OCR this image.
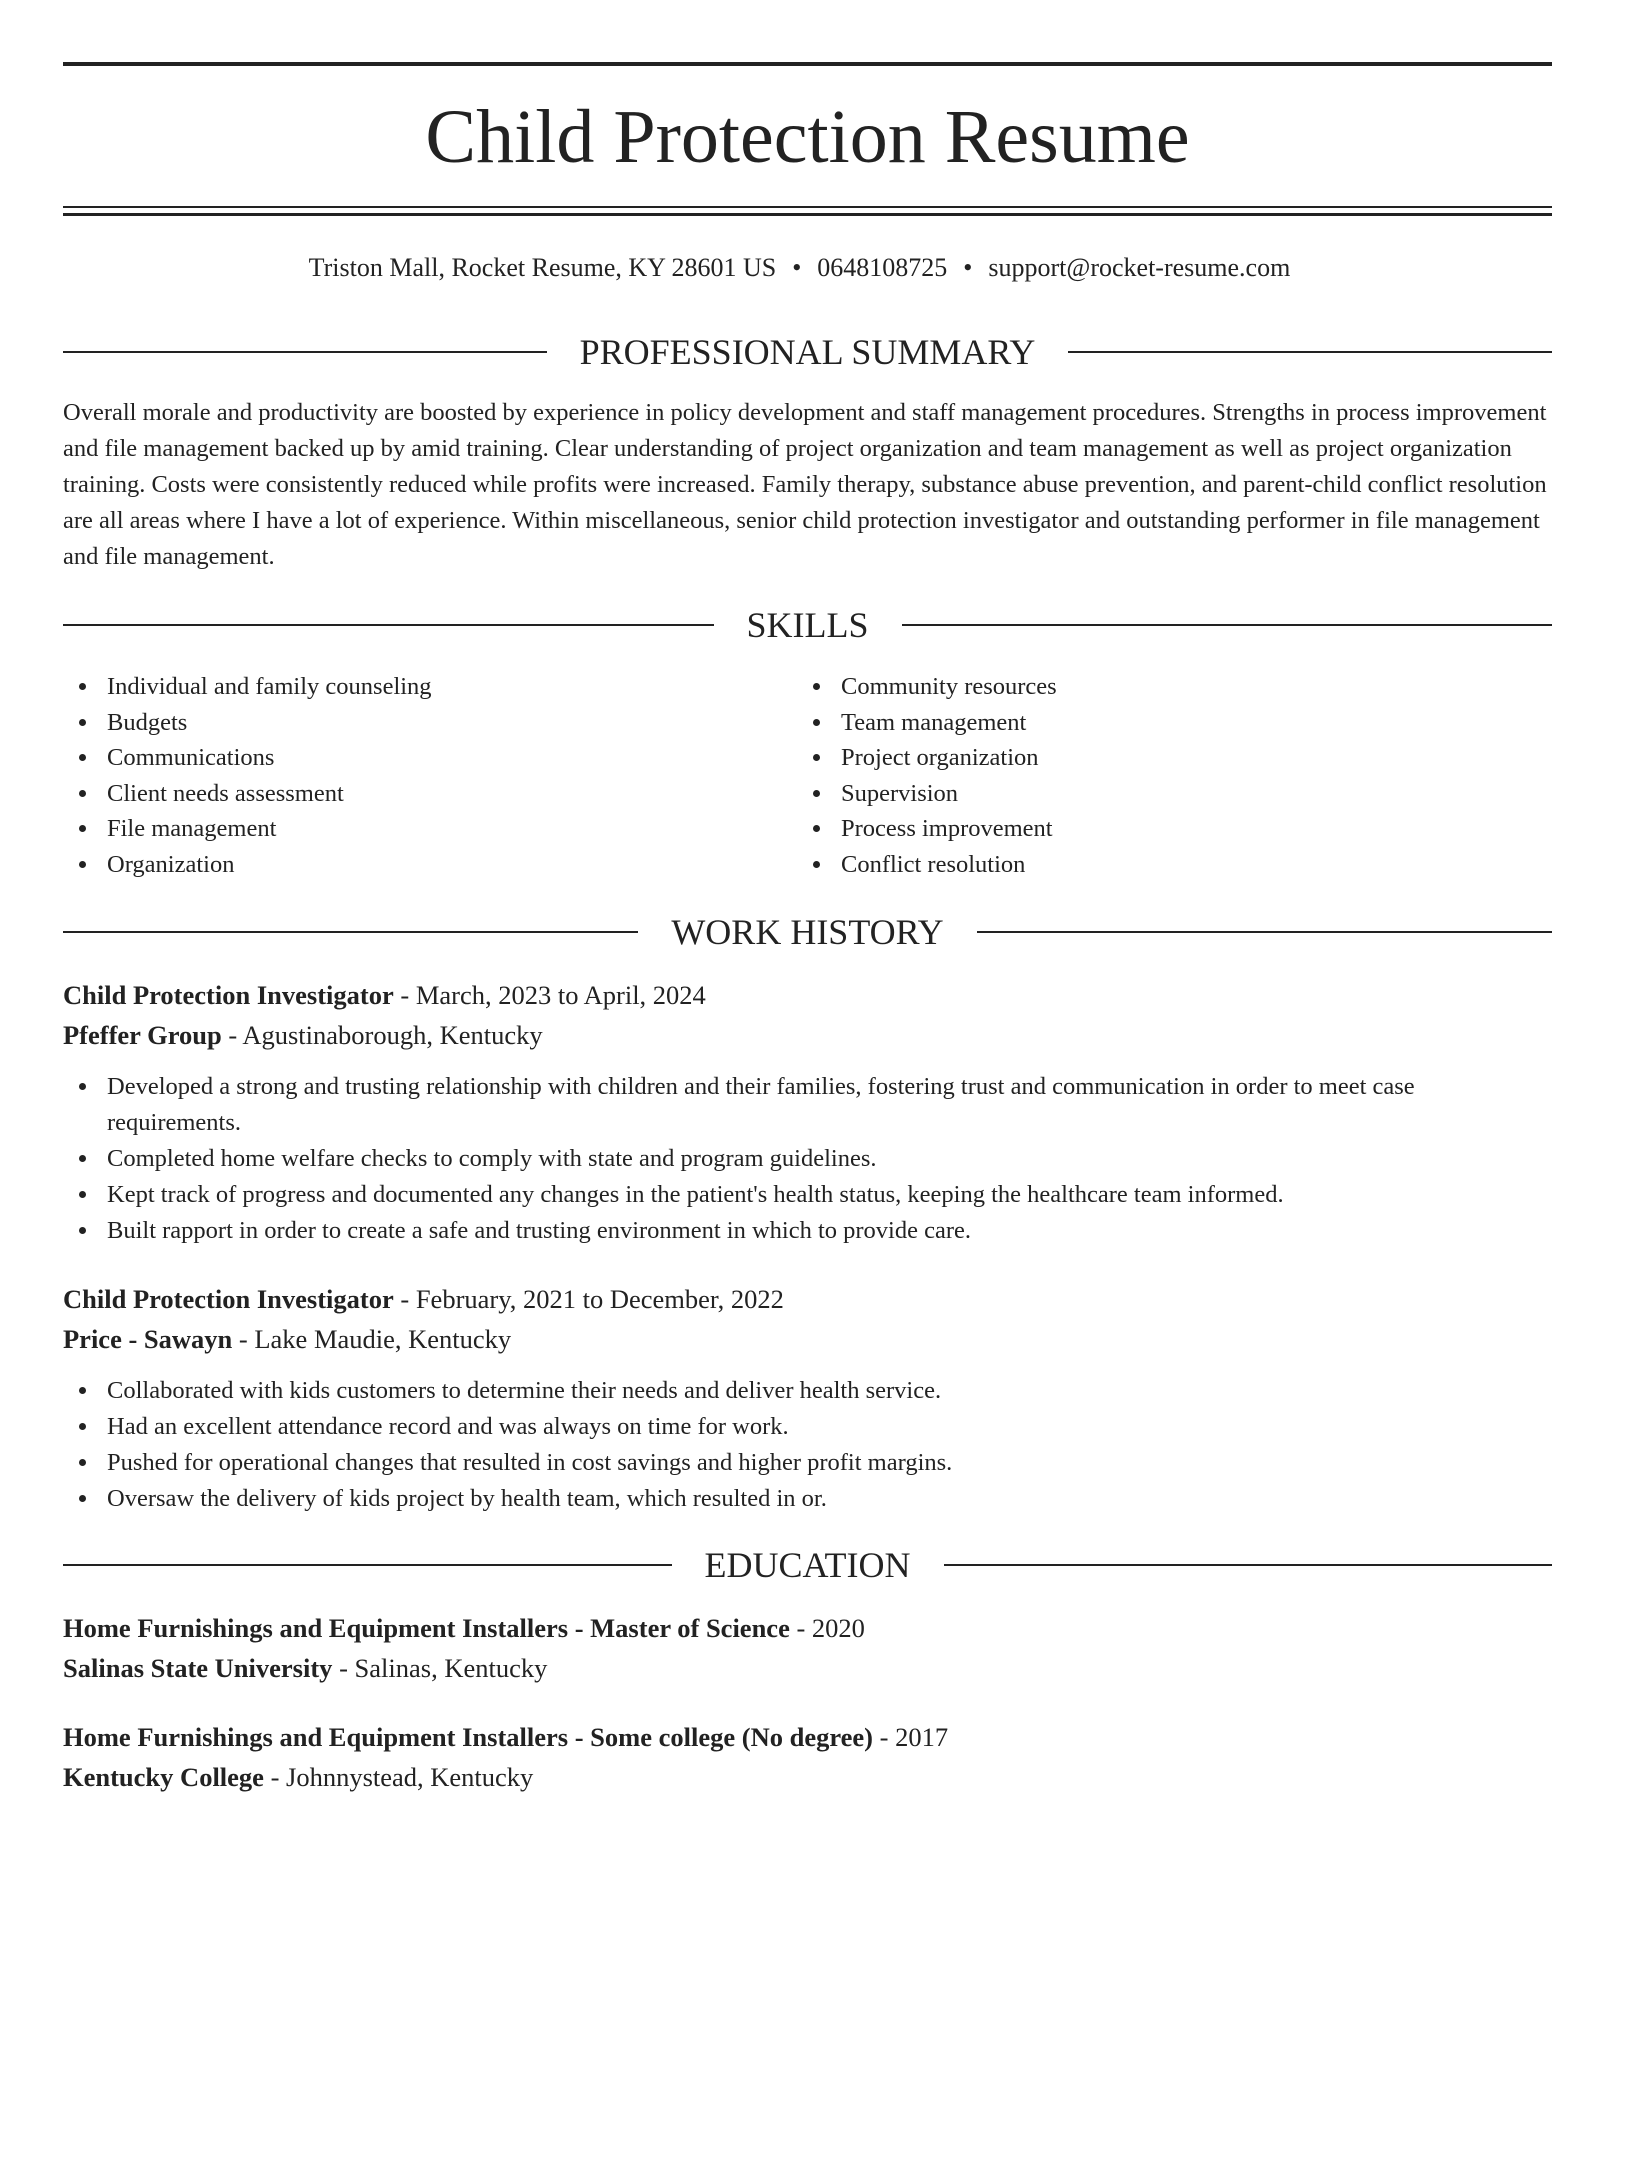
Child Protection Resume
Triston Mall, Rocket Resume, KY 28601 US • 0648108725 • support@rocket-resume.com
PROFESSIONAL SUMMARY

Overall morale and productivity are boosted by experience in policy development and staff management procedures. Strengths in process improvement and file management backed up by amid training. Clear understanding of project organization and team management as well as project organization training. Costs were consistently reduced while profits were increased. Family therapy, substance abuse prevention, and parent-child conflict resolution are all areas where I have a lot of experience. Within miscellaneous, senior child protection investigator and outstanding performer in file management and file management.

SKILLS
Individual and family counseling
Budgets
Communications
Client needs assessment
File management
Organization
Community resources
Team management
Project organization
Supervision
Process improvement
Conflict resolution
WORK HISTORY
Child Protection Investigator - March, 2023 to April, 2024
Pfeffer Group - Agustinaborough, Kentucky
Developed a strong and trusting relationship with children and their families, fostering trust and communication in order to meet case requirements.
Completed home welfare checks to comply with state and program guidelines.
Kept track of progress and documented any changes in the patient's health status, keeping the healthcare team informed.
Built rapport in order to create a safe and trusting environment in which to provide care.
Child Protection Investigator - February, 2021 to December, 2022
Price - Sawayn - Lake Maudie, Kentucky
Collaborated with kids customers to determine their needs and deliver health service.
Had an excellent attendance record and was always on time for work.
Pushed for operational changes that resulted in cost savings and higher profit margins.
Oversaw the delivery of kids project by health team, which resulted in or.
EDUCATION
Home Furnishings and Equipment Installers - Master of Science - 2020
Salinas State University - Salinas, Kentucky
Home Furnishings and Equipment Installers - Some college (No degree) - 2017
Kentucky College - Johnnystead, Kentucky
